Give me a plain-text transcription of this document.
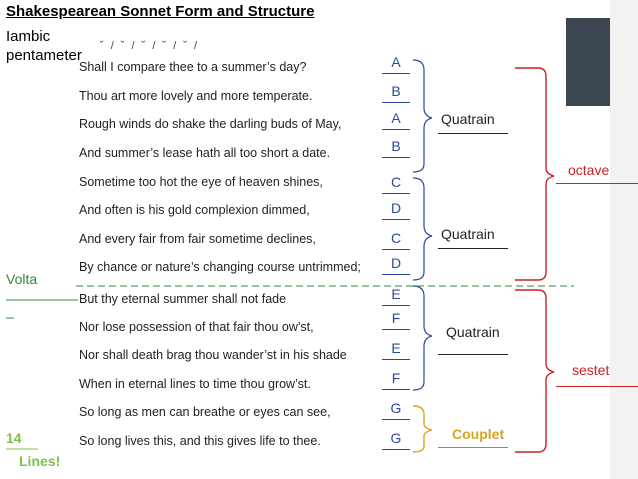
Shakespearean Sonnet Form and Structure
Iambic pentameter
˘ / ˘ / ˘ / ˘ / ˘ /
Shall I compare thee to a summer’s day?
Thou art more lovely and more temperate.
Rough winds do shake the darling buds of May,
And summer’s lease hath all too short a date.
Sometime too hot the eye of heaven shines,
And often is his gold complexion dimmed,
And every fair from fair sometime declines,
By chance or nature’s changing course untrimmed;
But thy eternal summer shall not fade
Nor lose possession of that fair thou ow’st,
Nor shall death brag thou wander’st in his shade
When in eternal lines to time thou grow’st.
So long as men can breathe or eyes can see,
So long lives this, and this gives life to thee.
A
B
A
B
C
D
C
D
E
F
E
F
G
G
Quatrain
Quatrain
Quatrain
Couplet
octave
sestet
Volta
14
Lines!
